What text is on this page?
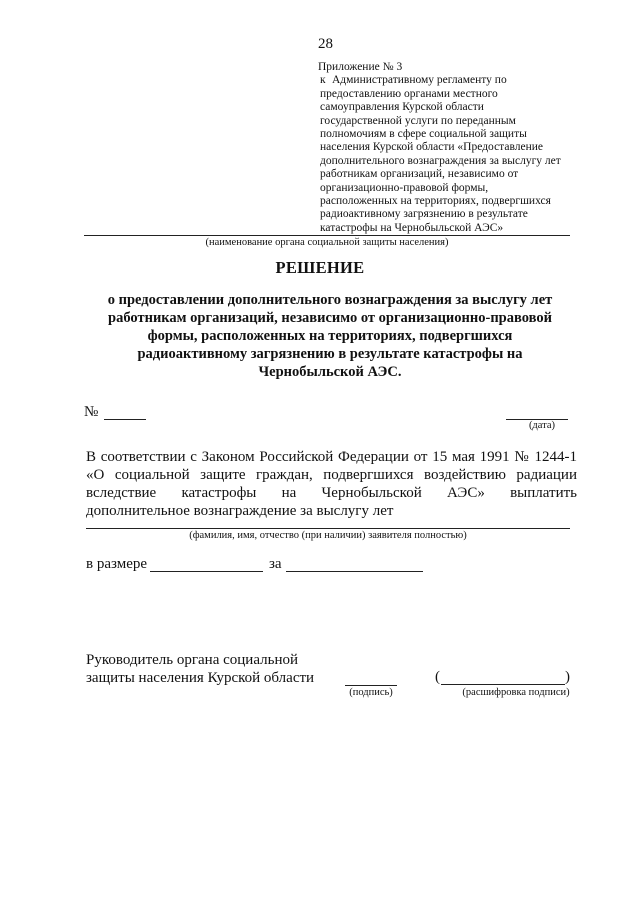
28
Приложение № 3
к Административному регламенту по
предоставлению органами местного
самоуправления Курской области
государственной услуги по переданным
полномочиям в сфере социальной защиты
населения Курской области «Предоставление
дополнительного вознаграждения за выслугу лет
работникам организаций, независимо от
организационно-правовой формы,
расположенных на территориях, подвергшихся
радиоактивному загрязнению в результате
катастрофы на Чернобыльской АЭС»
(наименование органа социальной защиты населения)
РЕШЕНИЕ
о предоставлении дополнительного вознаграждения за выслугу лет
работникам организаций, независимо от организационно-правовой
формы, расположенных на территориях, подвергшихся
радиоактивному загрязнению в результате катастрофы на
Чернобыльской АЭС.
№
(дата)
В соответствии с Законом Российской Федерации от 15 мая 1991 № 1244-1 «О социальной защите граждан, подвергшихся воздействию радиации вследствие катастрофы на Чернобыльской АЭС» выплатить дополнительное вознаграждение за выслугу лет
(фамилия, имя, отчество (при наличии) заявителя полностью)
в размере	за
Руководитель органа социальной
защиты населения Курской области
(подпись)
(	)
(расшифровка подписи)
